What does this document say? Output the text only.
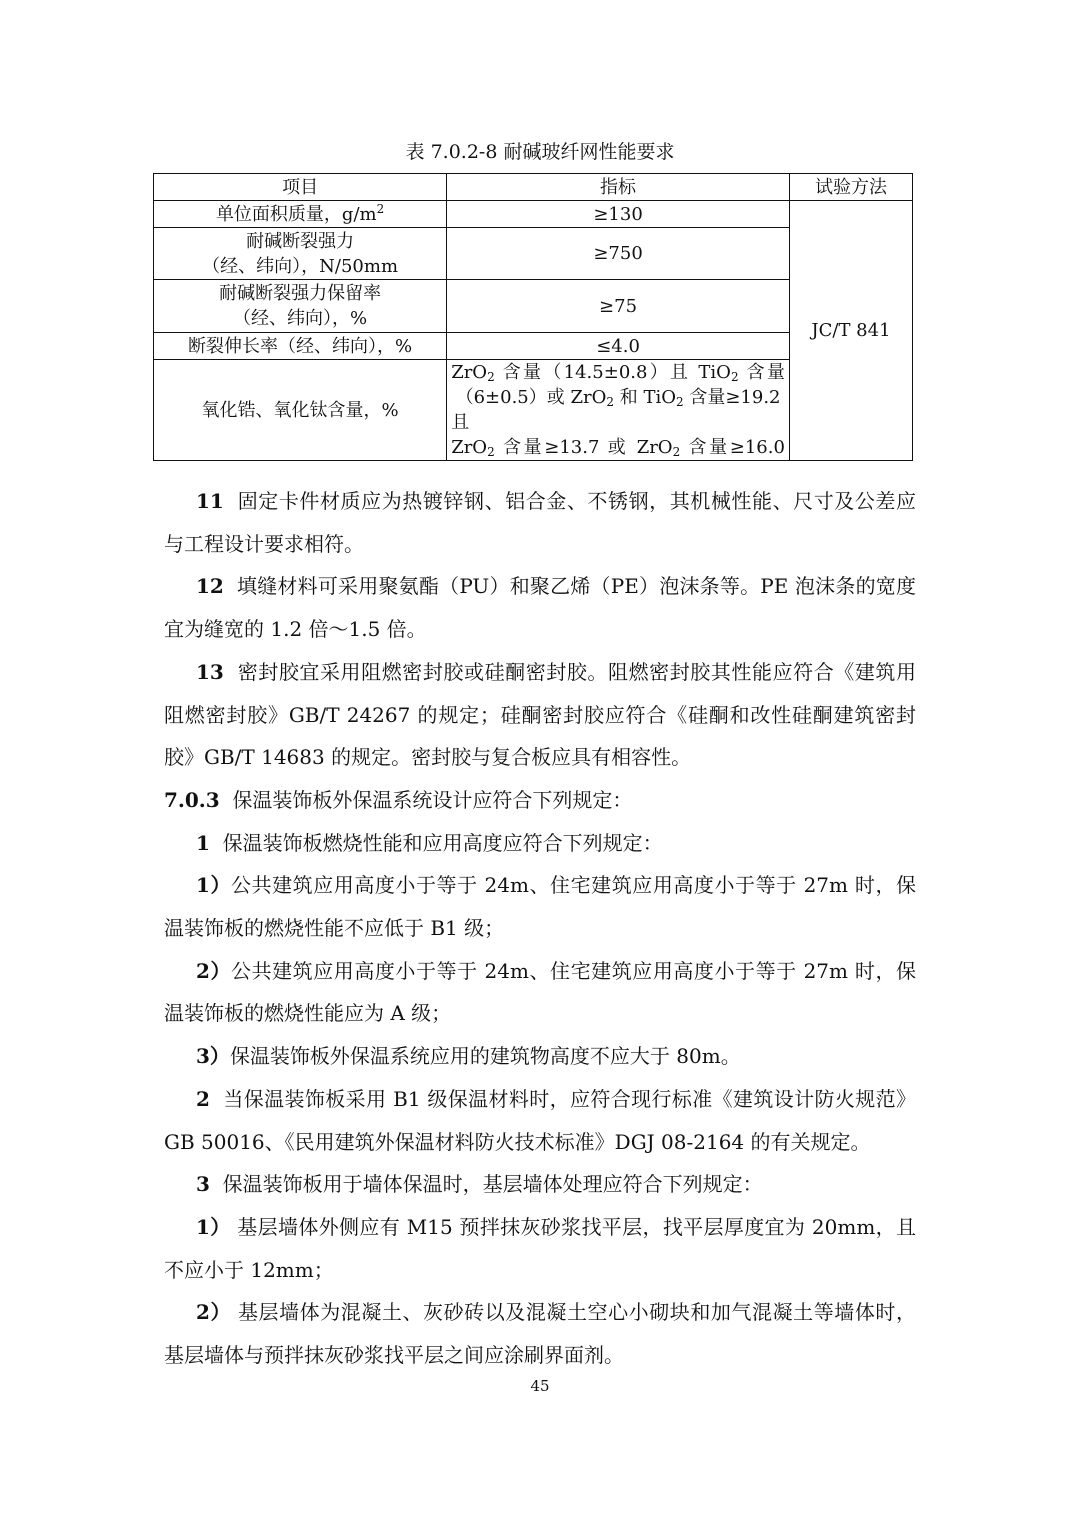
表 7.0.2-8 耐碱玻纤网性能要求
项目	指标	试验方法
单位面积质量，$g/m^2$	≥130	JC/T 841
耐碱断裂强力
（经、纬向），N/50mm	≥750	
耐碱断裂强力保留率
（经、纬向），%	≥75	
断裂伸长率（经、纬向），%	≤4.0	
氧化锆、氧化钛含量，%	ZrO$_2$ 含量（14.5±0.8）且 TiO$_2$ 含量
（6±0.5）或 ZrO$_2$ 和 TiO$_2$ 含量≥19.2 且
ZrO$_2$ 含量≥13.7 或 ZrO$_2$ 含量≥16.0	

11 固定卡件材质应为热镀锌钢、铝合金、不锈钢，其机械性能、尺寸及公差应与工程设计要求相符。

12 填缝材料可采用聚氨酯（PU）和聚乙烯（PE）泡沫条等。PE 泡沫条的宽度宜为缝宽的 1.2 倍～1.5 倍。

13 密封胶宜采用阻燃密封胶或硅酮密封胶。阻燃密封胶其性能应符合《建筑用阻燃密封胶》GB/T 24267 的规定；硅酮密封胶应符合《硅酮和改性硅酮建筑密封胶》GB/T 14683 的规定。密封胶与复合板应具有相容性。

7.0.3 保温装饰板外保温系统设计应符合下列规定：

1 保温装饰板燃烧性能和应用高度应符合下列规定：

1）公共建筑应用高度小于等于 24m、住宅建筑应用高度小于等于 27m 时，保温装饰板的燃烧性能不应低于 B1 级；

2）公共建筑应用高度小于等于 24m、住宅建筑应用高度小于等于 27m 时，保温装饰板的燃烧性能应为 A 级；

3）保温装饰板外保温系统应用的建筑物高度不应大于 80m。

2 当保温装饰板采用 B1 级保温材料时，应符合现行标准《建筑设计防火规范》GB 50016、《民用建筑外保温材料防火技术标准》DGJ 08-2164 的有关规定。

3 保温装饰板用于墙体保温时，基层墙体处理应符合下列规定：

1） 基层墙体外侧应有 M15 预拌抹灰砂浆找平层，找平层厚度宜为 20mm，且不应小于 12mm；

2） 基层墙体为混凝土、灰砂砖以及混凝土空心小砌块和加气混凝土等墙体时，基层墙体与预拌抹灰砂浆找平层之间应涂刷界面剂。

45
